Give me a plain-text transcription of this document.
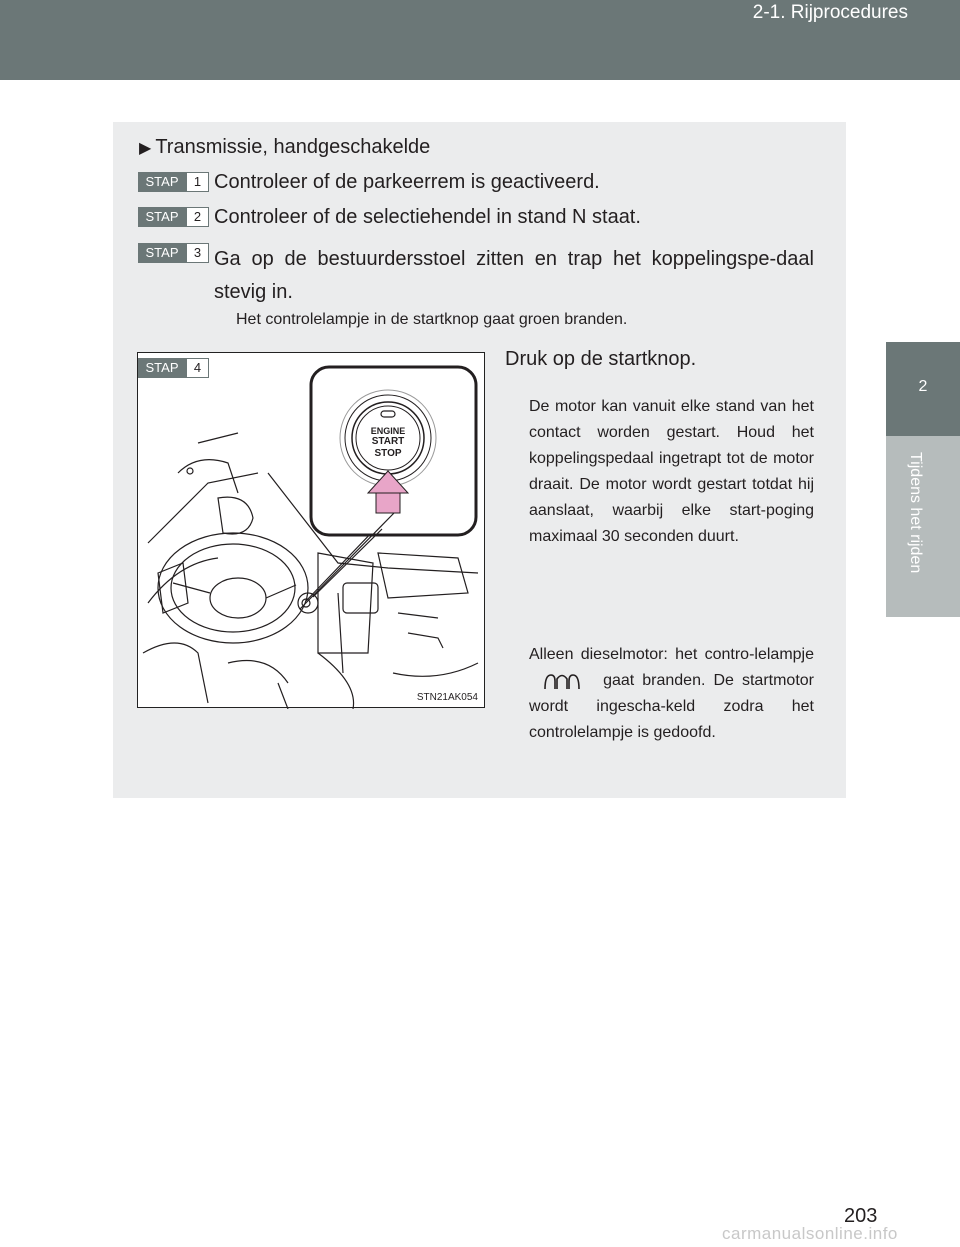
2-1. Rijprocedures
2
Tijdens het rijden
▶ Transmissie, handgeschakelde
STAP	1 Controleer of de parkeerrem is geactiveerd.
STAP	2 Controleer of de selectiehendel in stand N staat.
STAP	3 Ga op de bestuurdersstoel zitten en trap het koppelingspe-daal stevig in.
Het controlelampje in de startknop gaat groen branden.
ENGINE
START
STOP
STN21AK054
STAP	4	Druk op de startknop.
De motor kan vanuit elke stand van het contact worden gestart. Houd het koppelingspedaal ingetrapt tot de motor draait. De motor wordt gestart totdat hij aanslaat, waarbij elke start-poging maximaal 30 seconden duurt.
Alleen dieselmotor: het contro-lelampje  gaat branden. De startmotor wordt ingescha-keld zodra het controlelampje is gedoofd.
203
carmanualsonline.info
